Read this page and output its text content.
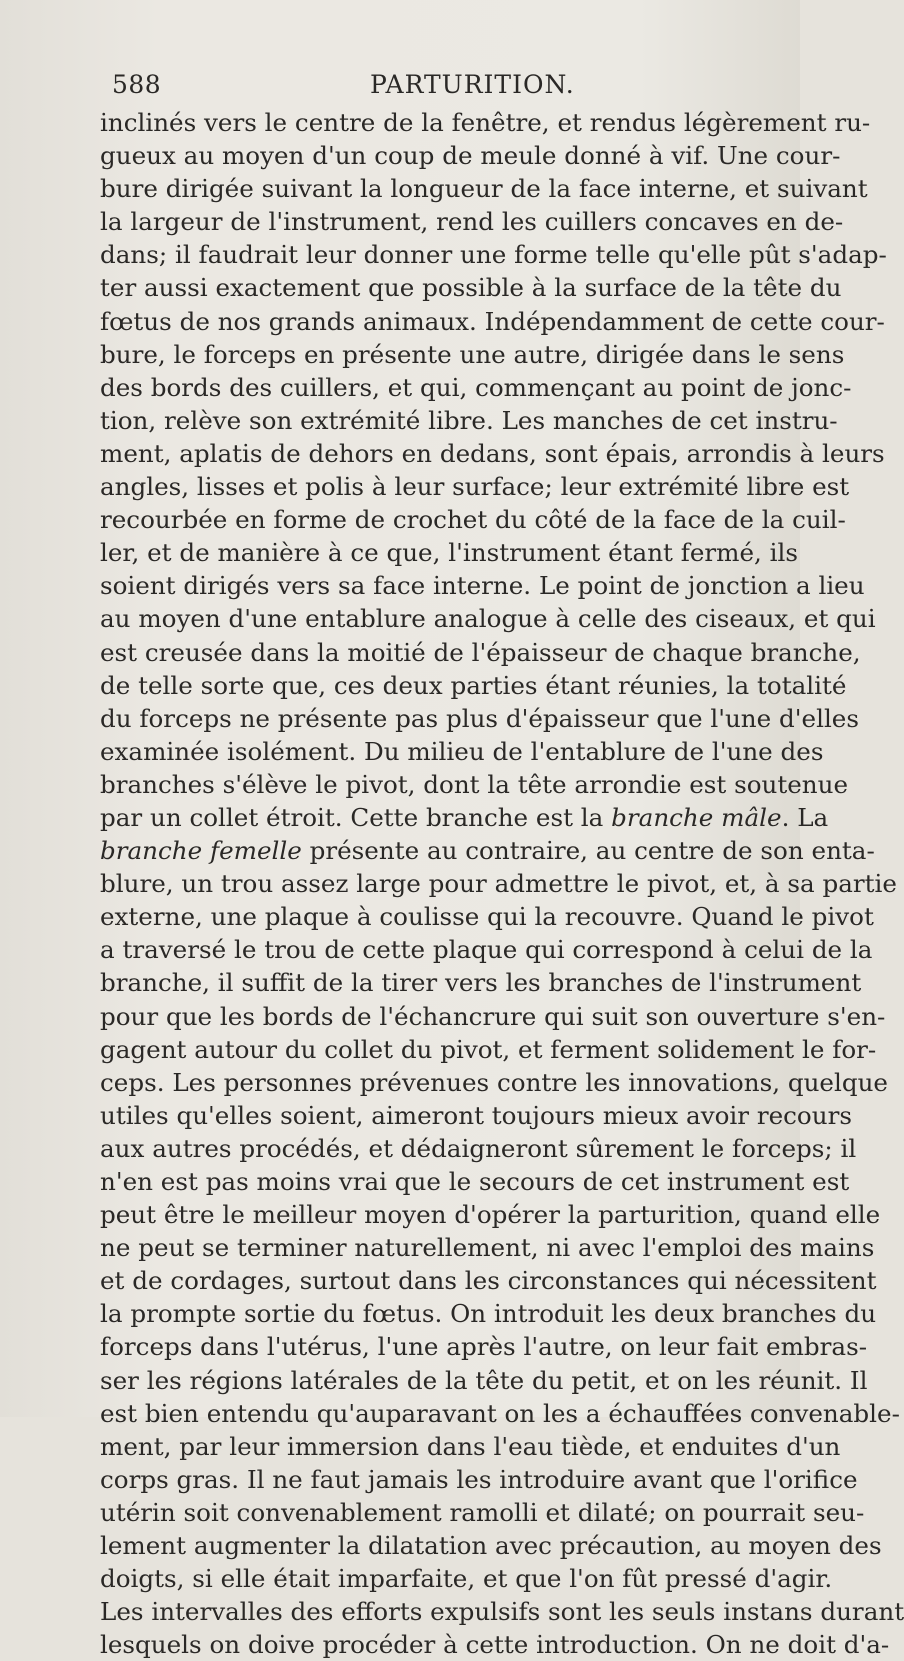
588	PARTURITION.
inclinés vers le centre de la fenêtre, et rendus légèrement ru-
gueux au moyen d'un coup de meule donné à vif. Une cour-
bure dirigée suivant la longueur de la face interne, et suivant
la largeur de l'instrument, rend les cuillers concaves en de-
dans; il faudrait leur donner une forme telle qu'elle pût s'adap-
ter aussi exactement que possible à la surface de la tête du
fœtus de nos grands animaux. Indépendamment de cette cour-
bure, le forceps en présente une autre, dirigée dans le sens
des bords des cuillers, et qui, commençant au point de jonc-
tion, relève son extrémité libre. Les manches de cet instru-
ment, aplatis de dehors en dedans, sont épais, arrondis à leurs
angles, lisses et polis à leur surface; leur extrémité libre est
recourbée en forme de crochet du côté de la face de la cuil-
ler, et de manière à ce que, l'instrument étant fermé, ils
soient dirigés vers sa face interne. Le point de jonction a lieu
au moyen d'une entablure analogue à celle des ciseaux, et qui
est creusée dans la moitié de l'épaisseur de chaque branche,
de telle sorte que, ces deux parties étant réunies, la totalité
du forceps ne présente pas plus d'épaisseur que l'une d'elles
examinée isolément. Du milieu de l'entablure de l'une des
branches s'élève le pivot, dont la tête arrondie est soutenue
par un collet étroit. Cette branche est la branche mâle. La
branche femelle présente au contraire, au centre de son enta-
blure, un trou assez large pour admettre le pivot, et, à sa partie
externe, une plaque à coulisse qui la recouvre. Quand le pivot
a traversé le trou de cette plaque qui correspond à celui de la
branche, il suffit de la tirer vers les branches de l'instrument
pour que les bords de l'échancrure qui suit son ouverture s'en-
gagent autour du collet du pivot, et ferment solidement le for-
ceps. Les personnes prévenues contre les innovations, quelque
utiles qu'elles soient, aimeront toujours mieux avoir recours
aux autres procédés, et dédaigneront sûrement le forceps; il
n'en est pas moins vrai que le secours de cet instrument est
peut être le meilleur moyen d'opérer la parturition, quand elle
ne peut se terminer naturellement, ni avec l'emploi des mains
et de cordages, surtout dans les circonstances qui nécessitent
la prompte sortie du fœtus. On introduit les deux branches du
forceps dans l'utérus, l'une après l'autre, on leur fait embras-
ser les régions latérales de la tête du petit, et on les réunit. Il
est bien entendu qu'auparavant on les a échauffées convenable-
ment, par leur immersion dans l'eau tiède, et enduites d'un
corps gras. Il ne faut jamais les introduire avant que l'orifice
utérin soit convenablement ramolli et dilaté; on pourrait seu-
lement augmenter la dilatation avec précaution, au moyen des
doigts, si elle était imparfaite, et que l'on fût pressé d'agir.
Les intervalles des efforts expulsifs sont les seuls instans durant
lesquels on doive procéder à cette introduction. On ne doit d'a-
